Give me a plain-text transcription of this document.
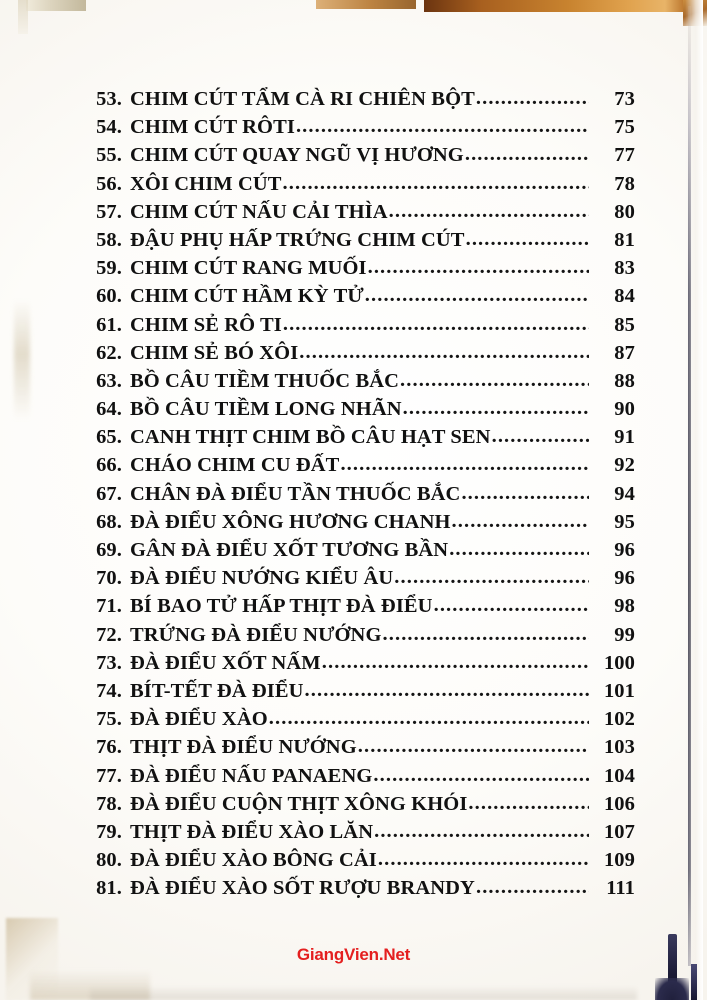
53 . CHIM CÚT TẨM CÀ RI CHIÊN BỘT .....	73
54 . CHIM CÚT RÔTI .....	75
55 . CHIM CÚT QUAY NGŨ VỊ HƯƠNG .....	77
56 . XÔI CHIM CÚT .....	78
57 . CHIM CÚT NẤU CẢI THÌA .....	80
58 . ĐẬU PHỤ HẤP TRỨNG CHIM CÚT .....	81
59 . CHIM CÚT RANG MUỐI .....	83
60 . CHIM CÚT HẦM KỲ TỬ .....	84
61 . CHIM SẺ RÔ TI .....	85
62 . CHIM SẺ BÓ XÔI .....	87
63 . BỒ CÂU TIỀM THUỐC BẮC .....	88
64 . BỒ CÂU TIỀM LONG NHÃN .....	90
65 . CANH THỊT CHIM BỒ CÂU HẠT SEN .....	91
66 . CHÁO CHIM CU ĐẤT .....	92
67 . CHÂN ĐÀ ĐIỂU TẦN THUỐC BẮC .....	94
68 . ĐÀ ĐIỂU XÔNG HƯƠNG CHANH .....	95
69 . GÂN ĐÀ ĐIỂU XỐT TƯƠNG BẦN .....	96
70 . ĐÀ ĐIỂU NƯỚNG KIỂU ÂU .....	96
71 . BÍ BAO TỬ HẤP THỊT ĐÀ ĐIỂU .....	98
72 . TRỨNG ĐÀ ĐIỂU NƯỚNG .....	99
73 . ĐÀ ĐIỂU XỐT NẤM .....	100
74 . BÍT-TẾT ĐÀ ĐIỂU .....	101
75 . ĐÀ ĐIỂU XÀO .....	102
76 . THỊT ĐÀ ĐIỂU NƯỚNG .....	103
77 . ĐÀ ĐIỂU NẤU PANAENG .....	104
78 . ĐÀ ĐIỂU CUỘN THỊT XÔNG KHÓI .....	106
79 . THỊT ĐÀ ĐIỂU XÀO LĂN .....	107
80 . ĐÀ ĐIỂU XÀO BÔNG CẢI .....	109
81 . ĐÀ ĐIỂU XÀO SỐT RƯỢU BRANDY .....	111
GiangVien.Net
